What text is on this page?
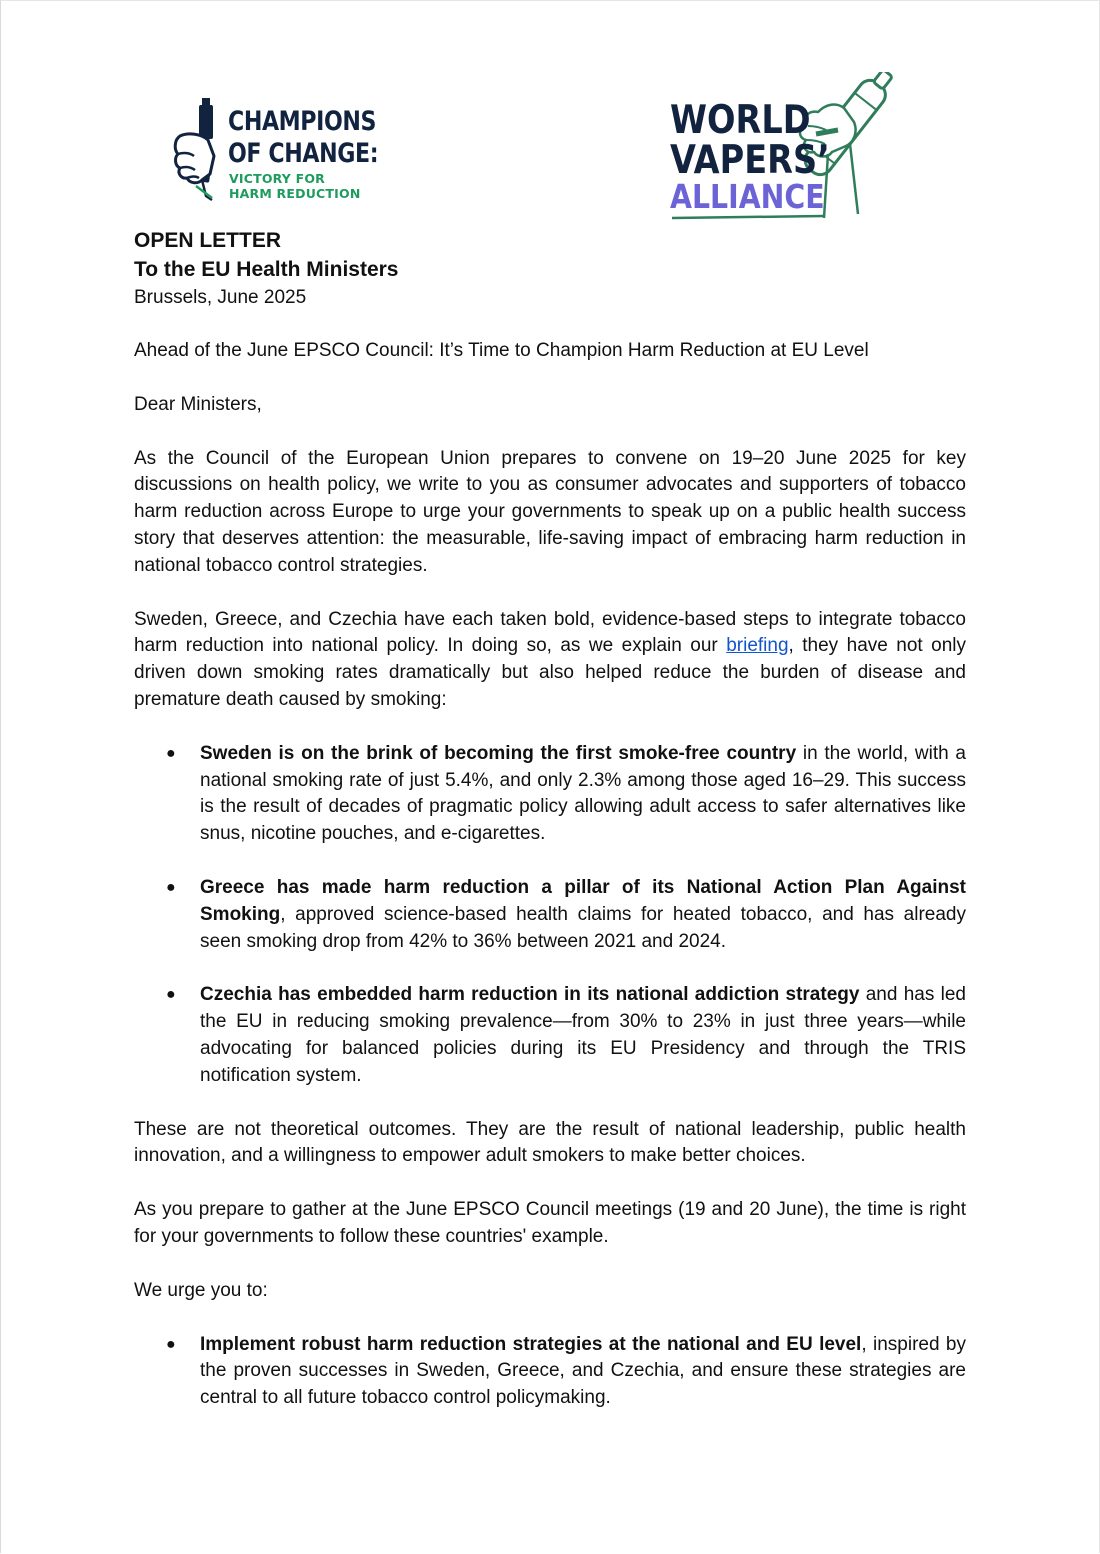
CHAMPIONS
OF CHANGE:
VICTORY FOR
HARM REDUCTION
WORLD
VAPERS’
ALLIANCE

OPEN LETTER

To the EU Health Ministers

Brussels, June 2025

Ahead of the June EPSCO Council: It’s Time to Champion Harm Reduction at EU Level

Dear Ministers,

As the Council of the European Union prepares to convene on 19–20 June 2025 for key discussions on health policy, we write to you as consumer advocates and supporters of tobacco harm reduction across Europe to urge your governments to speak up on a public health success story that deserves attention: the measurable, life-saving impact of embracing harm reduction in national tobacco control strategies.

Sweden, Greece, and Czechia have each taken bold, evidence-based steps to integrate tobacco harm reduction into national policy. In doing so, as we explain our briefing, they have not only driven down smoking rates dramatically but also helped reduce the burden of disease and premature death caused by smoking:

● Sweden is on the brink of becoming the first smoke-free country in the world, with a national smoking rate of just 5.4%, and only 2.3% among those aged 16–29. This success is the result of decades of pragmatic policy allowing adult access to safer alternatives like snus, nicotine pouches, and e-cigarettes.
● Greece has made harm reduction a pillar of its National Action Plan Against Smoking, approved science-based health claims for heated tobacco, and has already seen smoking drop from 42% to 36% between 2021 and 2024.
● Czechia has embedded harm reduction in its national addiction strategy and has led the EU in reducing smoking prevalence—from 30% to 23% in just three years—while advocating for balanced policies during its EU Presidency and through the TRIS notification system.

These are not theoretical outcomes. They are the result of national leadership, public health innovation, and a willingness to empower adult smokers to make better choices.

As you prepare to gather at the June EPSCO Council meetings (19 and 20 June), the time is right for your governments to follow these countries' example.

We urge you to:

● Implement robust harm reduction strategies at the national and EU level, inspired by the proven successes in Sweden, Greece, and Czechia, and ensure these strategies are central to all future tobacco control policymaking.
